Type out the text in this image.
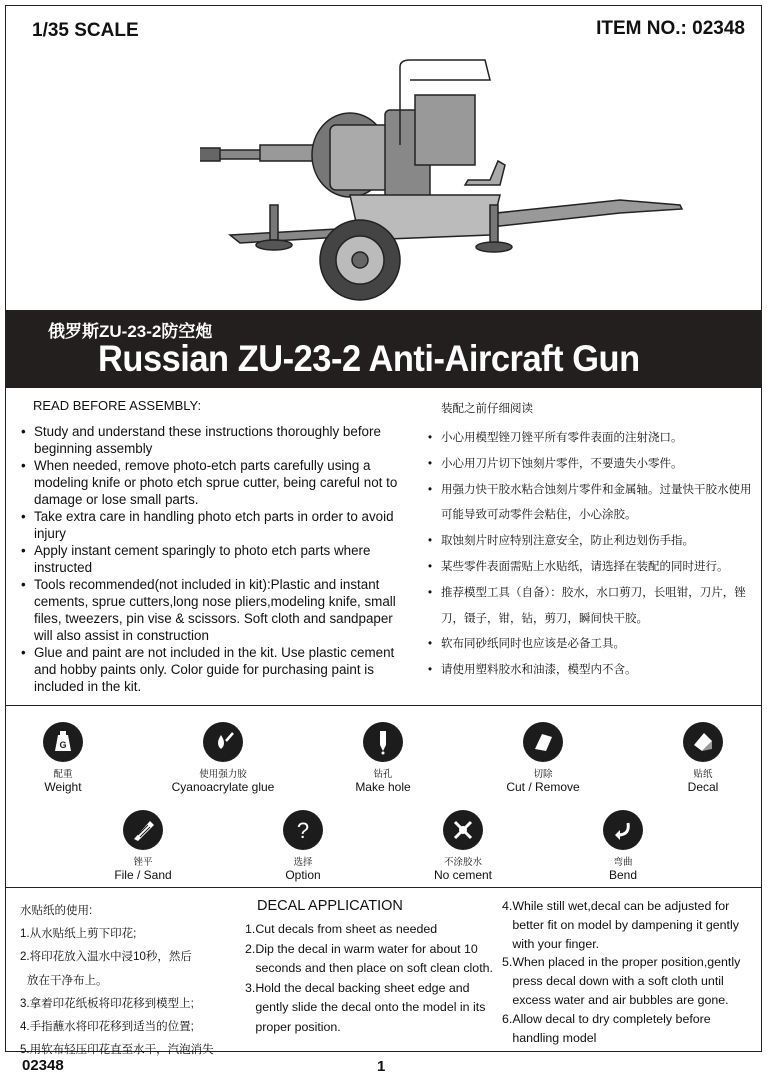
1/35 SCALE	ITEM NO.: 02348
俄罗斯ZU-23-2防空炮
Russian ZU-23-2 Anti-Aircraft Gun
READ BEFORE ASSEMBLY:
• Study and understand these instructions thoroughly before beginning assembly
• When needed, remove photo-etch parts carefully using a modeling knife or photo etch sprue cutter, being careful not to damage or lose small parts.
• Take extra care in handling photo etch parts in order to avoid injury
• Apply instant cement sparingly to photo etch parts where instructed
• Tools recommended(not included in kit):Plastic and instant cements, sprue cutters,long nose pliers,modeling knife, small files, tweezers, pin vise & scissors. Soft cloth and sandpaper will also assist in construction
• Glue and paint are not included in the kit. Use plastic cement and hobby paints only. Color guide for purchasing paint is included in the kit.
装配之前仔细阅读
• 小心用模型锉刀锉平所有零件表面的注射浇口。
• 小心用刀片切下蚀刻片零件，不要遗失小零件。
• 用强力快干胶水粘合蚀刻片零件和金属轴。过量快干胶水使用可能导致可动零件会粘住，小心涂胶。
• 取蚀刻片时应特别注意安全，防止利边划伤手指。
• 某些零件表面需贴上水贴纸，请选择在装配的同时进行。
• 推荐模型工具（自备）：胶水，水口剪刀，长咀钳，刀片，锉刀，镊子，钳，钻，剪刀，瞬间快干胶。
• 软布同砂纸同时也应该是必备工具。
• 请使用塑料胶水和油漆，模型内不含。
G
配重
Weight
使用强力胶
Cyanoacrylate glue
钻孔
Make hole
切除
Cut / Remove
贴纸
Decal
锉平
File / Sand
?
选择
Option
不涂胶水
No cement
弯曲
Bend
水贴纸的使用:
1.从水贴纸上剪下印花;
2.将印花放入温水中浸10秒，然后
放在干净布上。
3.拿着印花纸板将印花移到模型上;
4.手指蘸水将印花移到适当的位置;
5.用软布轻压印花直至水干，汽泡消失
DECAL APPLICATION
1.Cut decals from sheet as needed
2.Dip the decal in warm water for about 10
seconds and then place on soft clean cloth.
3.Hold the decal backing sheet edge and
gently slide the decal onto the model in its
proper position.
4.While still wet,decal can be adjusted for
better fit on model by dampening it gently
with your finger.
5.When placed in the proper position,gently
press decal down with a soft cloth until
excess water and air bubbles are gone.
6.Allow decal to dry completely before
handling model
02348	1
